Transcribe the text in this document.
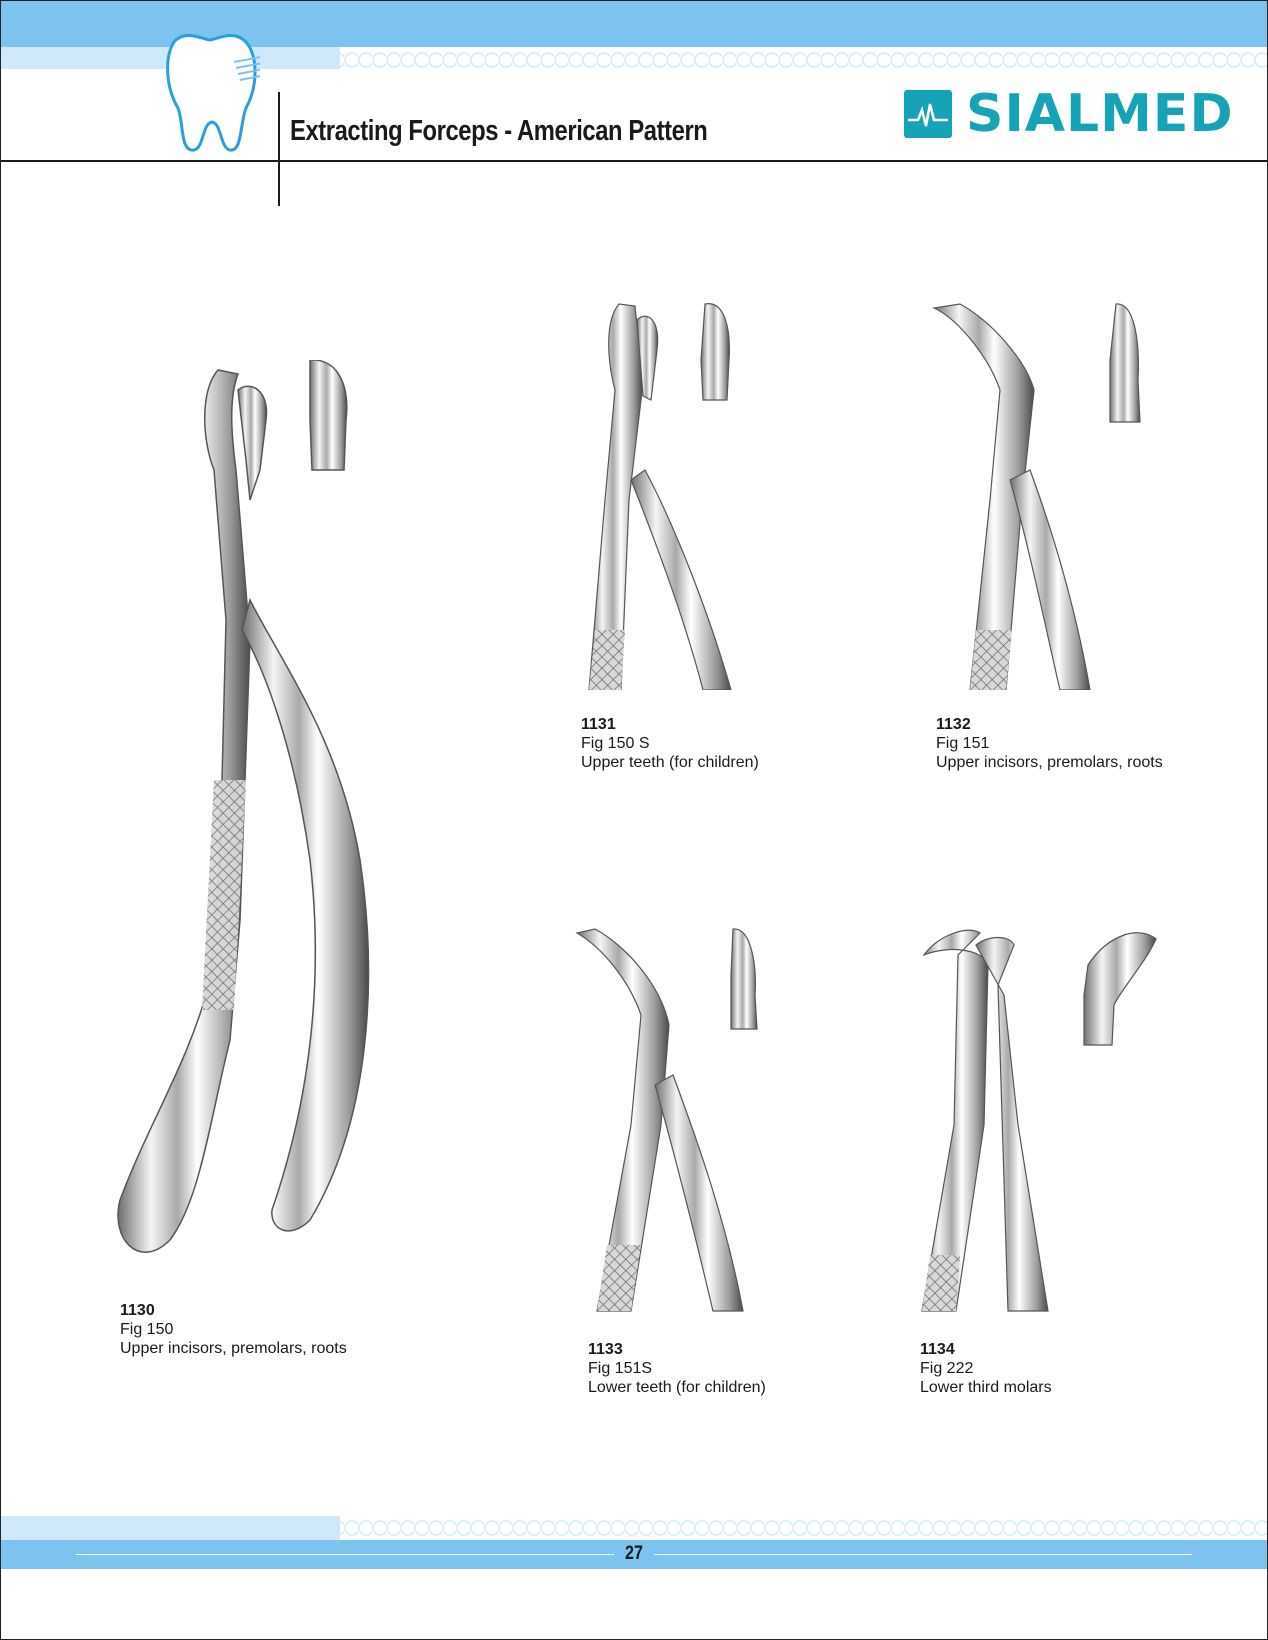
Extracting Forceps - American Pattern	SIALMED
1130
Fig 150
Upper incisors, premolars, roots
1131
Fig 150 S
Upper teeth (for children)
1132
Fig 151
Upper incisors, premolars, roots
1133
Fig 151S
Lower teeth (for children)
1134
Fig 222
Lower third molars
27
